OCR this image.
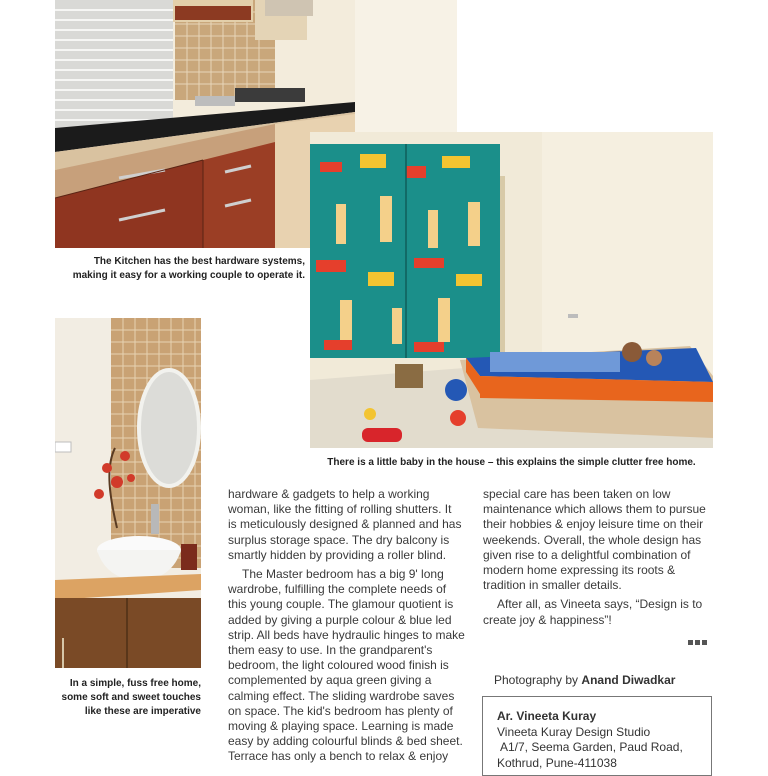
The Kitchen has the best hardware systems,
making it easy for a working couple to operate it.
There is a little baby in the house – this explains the simple clutter free home.
In a simple, fuss free home,
some soft and sweet touches
like these are imperative

hardware & gadgets to help a working
woman, like the fitting of rolling shutters. It
is meticulously designed & planned and has
surplus storage space. The dry balcony is
smartly hidden by providing a roller blind.

The Master bedroom has a big 9' long
wardrobe, fulfilling the complete needs of
this young couple. The glamour quotient is
added by giving a purple colour & blue led
strip. All beds have hydraulic hinges to make
them easy to use. In the grandparent's
bedroom, the light coloured wood finish is
complemented by aqua green giving a
calming effect. The sliding wardrobe saves
on space. The kid's bedroom has plenty of
moving & playing space. Learning is made
easy by adding colourful blinds & bed sheet.
Terrace has only a bench to relax & enjoy

special care has been taken on low
maintenance which allows them to pursue
their hobbies & enjoy leisure time on their
weekends. Overall, the whole design has
given rise to a delightful combination of
modern home expressing its roots &
tradition in smaller details.

After all, as Vineeta says, “Design is to
create joy & happiness”!

Photography by Anand Diwadkar
Ar. Vineeta Kuray
Vineeta Kuray Design Studio
A1/7, Seema Garden, Paud Road,
Kothrud, Pune-411038
